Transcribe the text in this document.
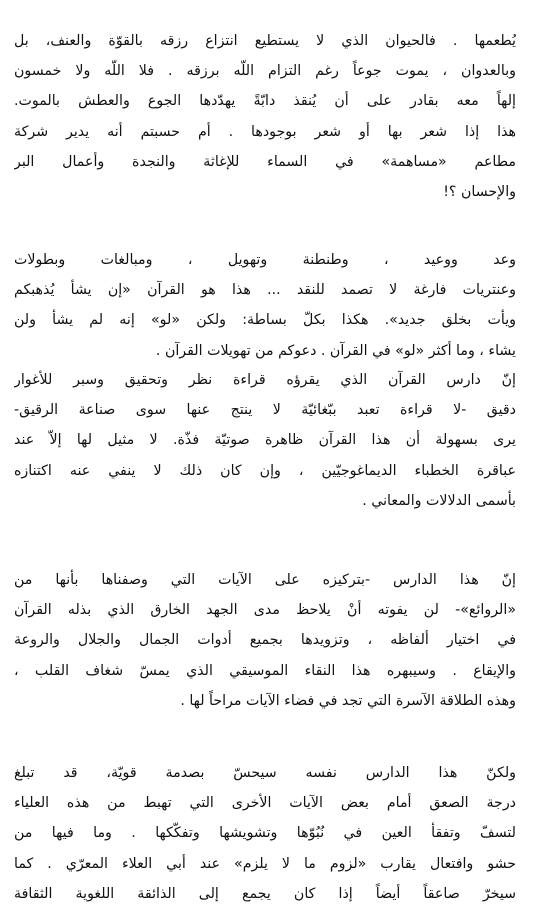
يُطعمها . فالحيوان الذي لا يستطيع انتزاع رزقه بالقوّة والعنف، بل
وبالعدوان ، يموت جوعاً رغم التزام اللّه برزقه . فلا اللّه ولا خمسون
إلهاً معه بقادر على أن يُنقذ دابّةً يهدّدها الجوع والعطش بالموت.
هذا إذا شعر بها أو شعر بوجودها . أم حسبتم أنه يدير شركة
مطاعم «مساهمة» في السماء للإغاثة والنجدة وأعمال البر
والإحسان ؟!

وعد ووعيد ، وطنطنة وتهويل ، ومبالغات وبطولات
وعنتريات فارغة لا تصمد للنقد ... هذا هو القرآن «إن يشأ يُذهبكم
ويأت بخلق جديد». هكذا بكلّ بساطة: ولكن «لو» إنه لم يشأ ولن
يشاء ، وما أكثر «لو» في القرآن . دعوكم من تهويلات القرآن .

إنّ دارس القرآن الذي يقرؤه قراءة نظر وتحقيق وسبر للأغوار
دقيق -لا قراءة تعبد ببّغائيّة لا ينتج عنها سوى صناعة الرقيق-
يرى بسهولة أن هذا القرآن ظاهرة صوتيّة فذّة. لا مثيل لها إلاّ عند
عباقرة الخطباء الديماغوجيّين ، وإن كان ذلك لا ينفي عنه اكتنازه
بأسمى الدلالات والمعاني .

إنّ هذا الدارس -بتركيزه على الآيات التي وصفناها بأنها من
«الروائع»- لن يفوته أنْ يلاحظ مدى الجهد الخارق الذي بذله القرآن
في اختيار ألفاظه ، وتزويدها بجميع أدوات الجمال والجلال والروعة
والإيقاع . وسيبهره هذا النقاء الموسيقي الذي يمسّ شغاف القلب ،
وهذه الطلاقة الآسرة التي تجد في فضاء الآيات مراحاً لها .

ولكنّ هذا الدارس نفسه سيحسّ بصدمة قويّة، قد تبلغ
درجة الصعق أمام بعض الآيات الأخرى التي تهبط من هذه العلياء
لتسفّ وتفقأ العين في نُبُوّها وتشويشها وتفكّكها . وما فيها من
حشو وافتعال يقارب «لزوم ما لا يلزم» عند أبي العلاء المعرّي . كما
سيخرّ صاعقاً أيضاً إذا كان يجمع إلى الذائقة اللغوية الثقافة
